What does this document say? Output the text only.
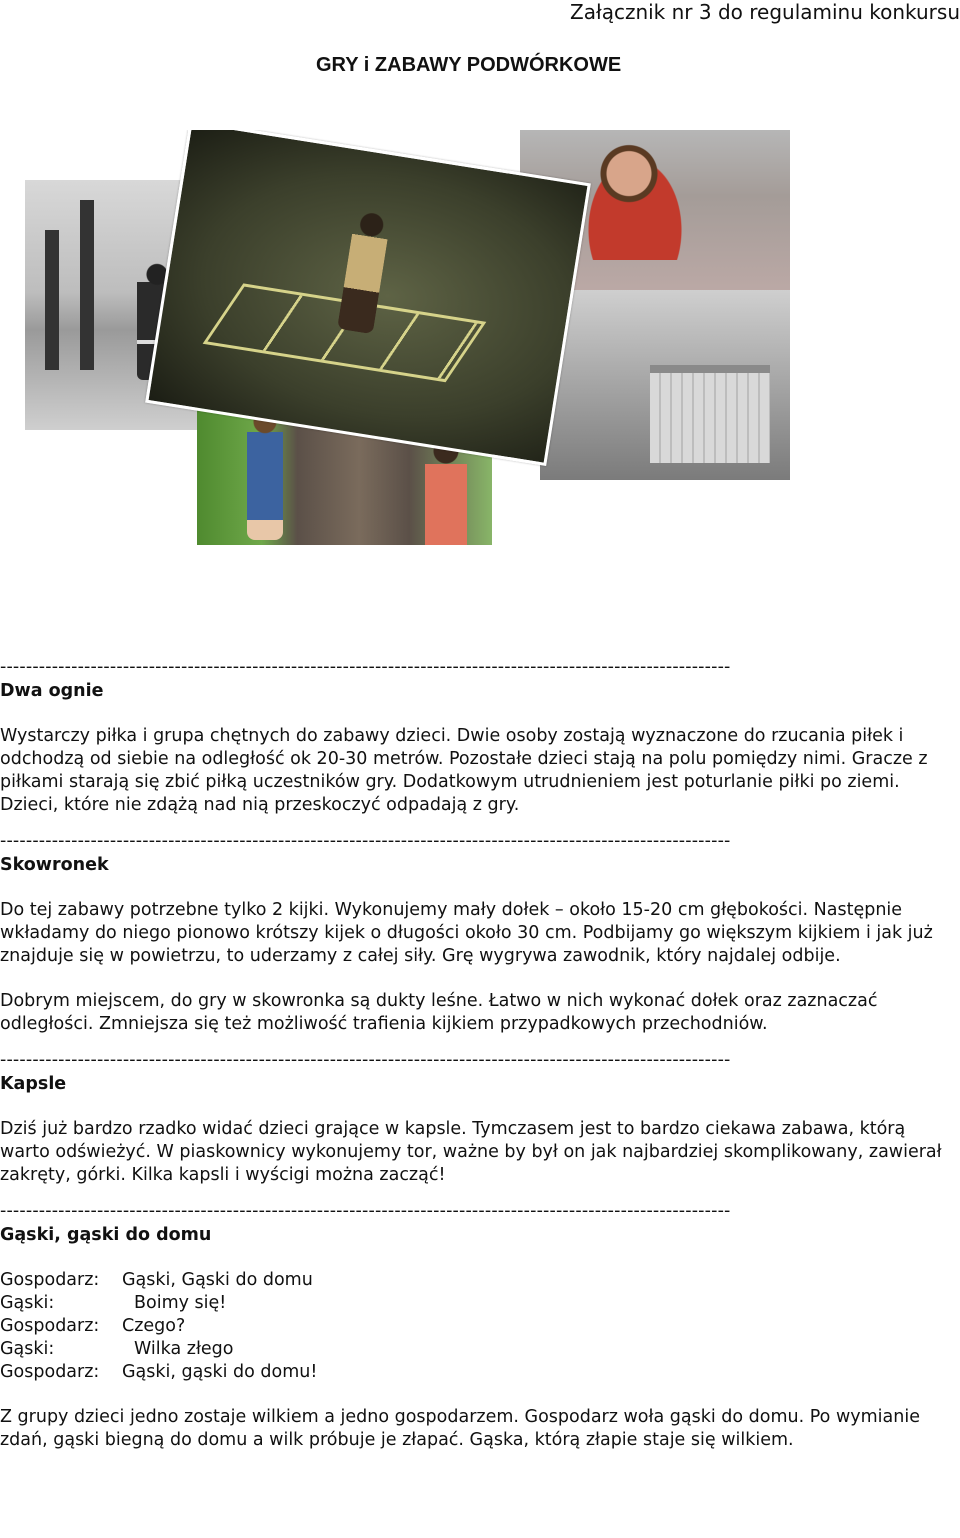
Załącznik nr 3 do regulaminu konkursu
GRY i ZABAWY PODWÓRKOWE
-----------------------------------------------------------------------------------------------------------------
Dwa ognie
Wystarczy piłka i grupa chętnych do zabawy dzieci. Dwie osoby zostają wyznaczone do rzucania piłek i odchodzą od siebie na odległość ok 20-30 metrów. Pozostałe dzieci stają na polu pomiędzy nimi. Gracze z piłkami starają się zbić piłką uczestników gry. Dodatkowym utrudnieniem jest poturlanie piłki po ziemi. Dzieci, które nie zdążą nad nią przeskoczyć odpadają z gry.
-----------------------------------------------------------------------------------------------------------------
Skowronek
Do tej zabawy potrzebne tylko 2 kijki. Wykonujemy mały dołek – około 15-20 cm głębokości. Następnie wkładamy do niego pionowo krótszy kijek o długości około 30 cm. Podbijamy go większym kijkiem i jak już znajduje się w powietrzu, to uderzamy z całej siły. Grę wygrywa zawodnik, który najdalej odbije.
Dobrym miejscem, do gry w skowronka są dukty leśne. Łatwo w nich wykonać dołek oraz zaznaczać odległości. Zmniejsza się też możliwość trafienia kijkiem przypadkowych przechodniów.
-----------------------------------------------------------------------------------------------------------------
Kapsle
Dziś już bardzo rzadko widać dzieci grające w kapsle. Tymczasem jest to bardzo ciekawa zabawa, którą warto odświeżyć. W piaskownicy wykonujemy tor, ważne by był on jak najbardziej skomplikowany, zawierał zakręty, górki. Kilka kapsli i wyścigi można zacząć!
-----------------------------------------------------------------------------------------------------------------
Gąski, gąski do domu
Gospodarz:	Gąski, Gąski do domu
Gąski:	Boimy się!
Gospodarz:	Czego?
Gąski:	Wilka złego
Gospodarz:	Gąski, gąski do domu!
Z grupy dzieci jedno zostaje wilkiem a jedno gospodarzem. Gospodarz woła gąski do domu. Po wymianie zdań, gąski biegną do domu a wilk próbuje je złapać. Gąska, którą złapie staje się wilkiem.
